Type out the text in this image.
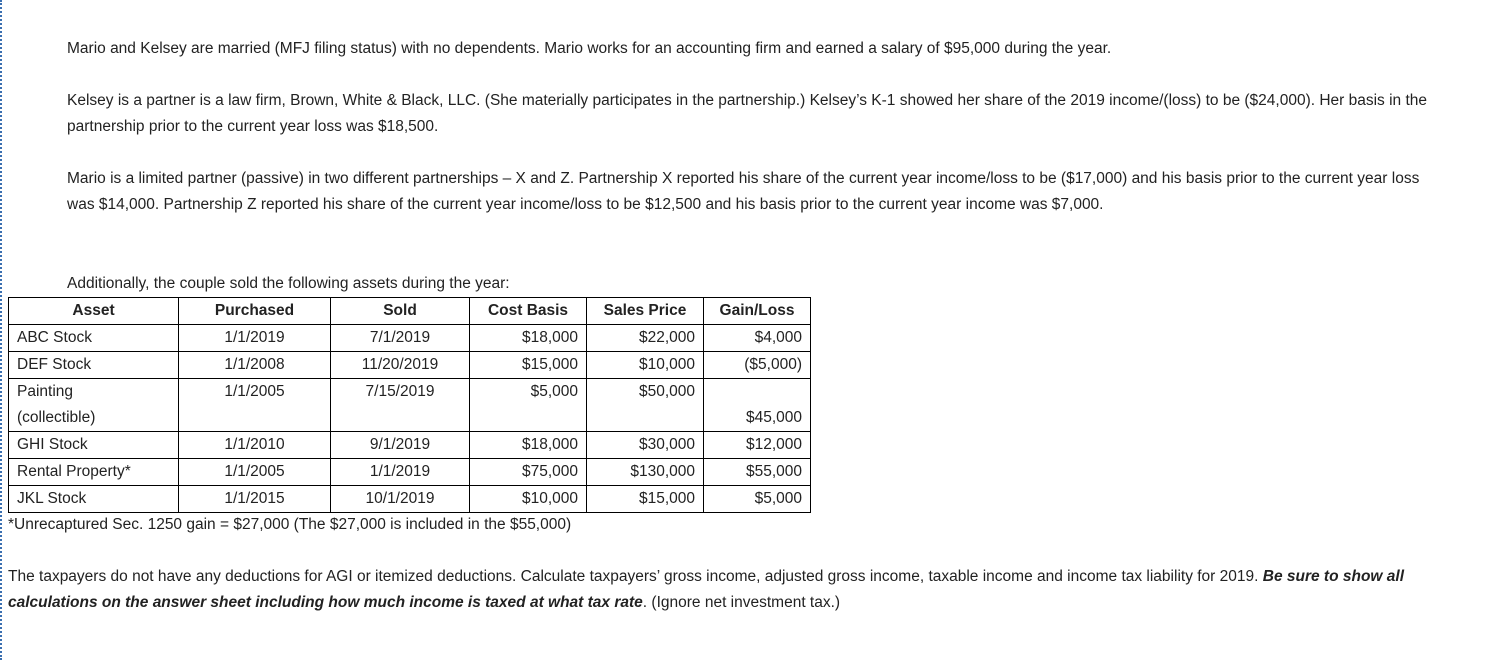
Mario and Kelsey are married (MFJ filing status) with no dependents. Mario works for an accounting firm and earned a salary of $95,000 during the year.

Kelsey is a partner is a law firm, Brown, White & Black, LLC. (She materially participates in the partnership.) Kelsey’s K-1 showed her share of the 2019 income/(loss) to be ($24,000). Her basis in the partnership prior to the current year loss was $18,500.

Mario is a limited partner (passive) in two different partnerships – X and Z. Partnership X reported his share of the current year income/loss to be ($17,000) and his basis prior to the current year loss was $14,000. Partnership Z reported his share of the current year income/loss to be $12,500 and his basis prior to the current year income was $7,000.

Additionally, the couple sold the following assets during the year:

Asset	Purchased	Sold	Cost Basis	Sales Price	Gain/Loss
ABC Stock	1/1/2019	7/1/2019	$18,000	$22,000	$4,000
DEF Stock	1/1/2008	11/20/2019	$15,000	$10,000	($5,000)
Painting	1/1/2005	7/15/2019	$5,000	$50,000	
(collectible)					$45,000
GHI Stock	1/1/2010	9/1/2019	$18,000	$30,000	$12,000
Rental Property*	1/1/2005	1/1/2019	$75,000	$130,000	$55,000
JKL Stock	1/1/2015	10/1/2019	$10,000	$15,000	$5,000

*Unrecaptured Sec. 1250 gain = $27,000 (The $27,000 is included in the $55,000)

The taxpayers do not have any deductions for AGI or itemized deductions. Calculate taxpayers’ gross income, adjusted gross income, taxable income and income tax liability for 2019. Be sure to show all calculations on the answer sheet including how much income is taxed at what tax rate. (Ignore net investment tax.)
